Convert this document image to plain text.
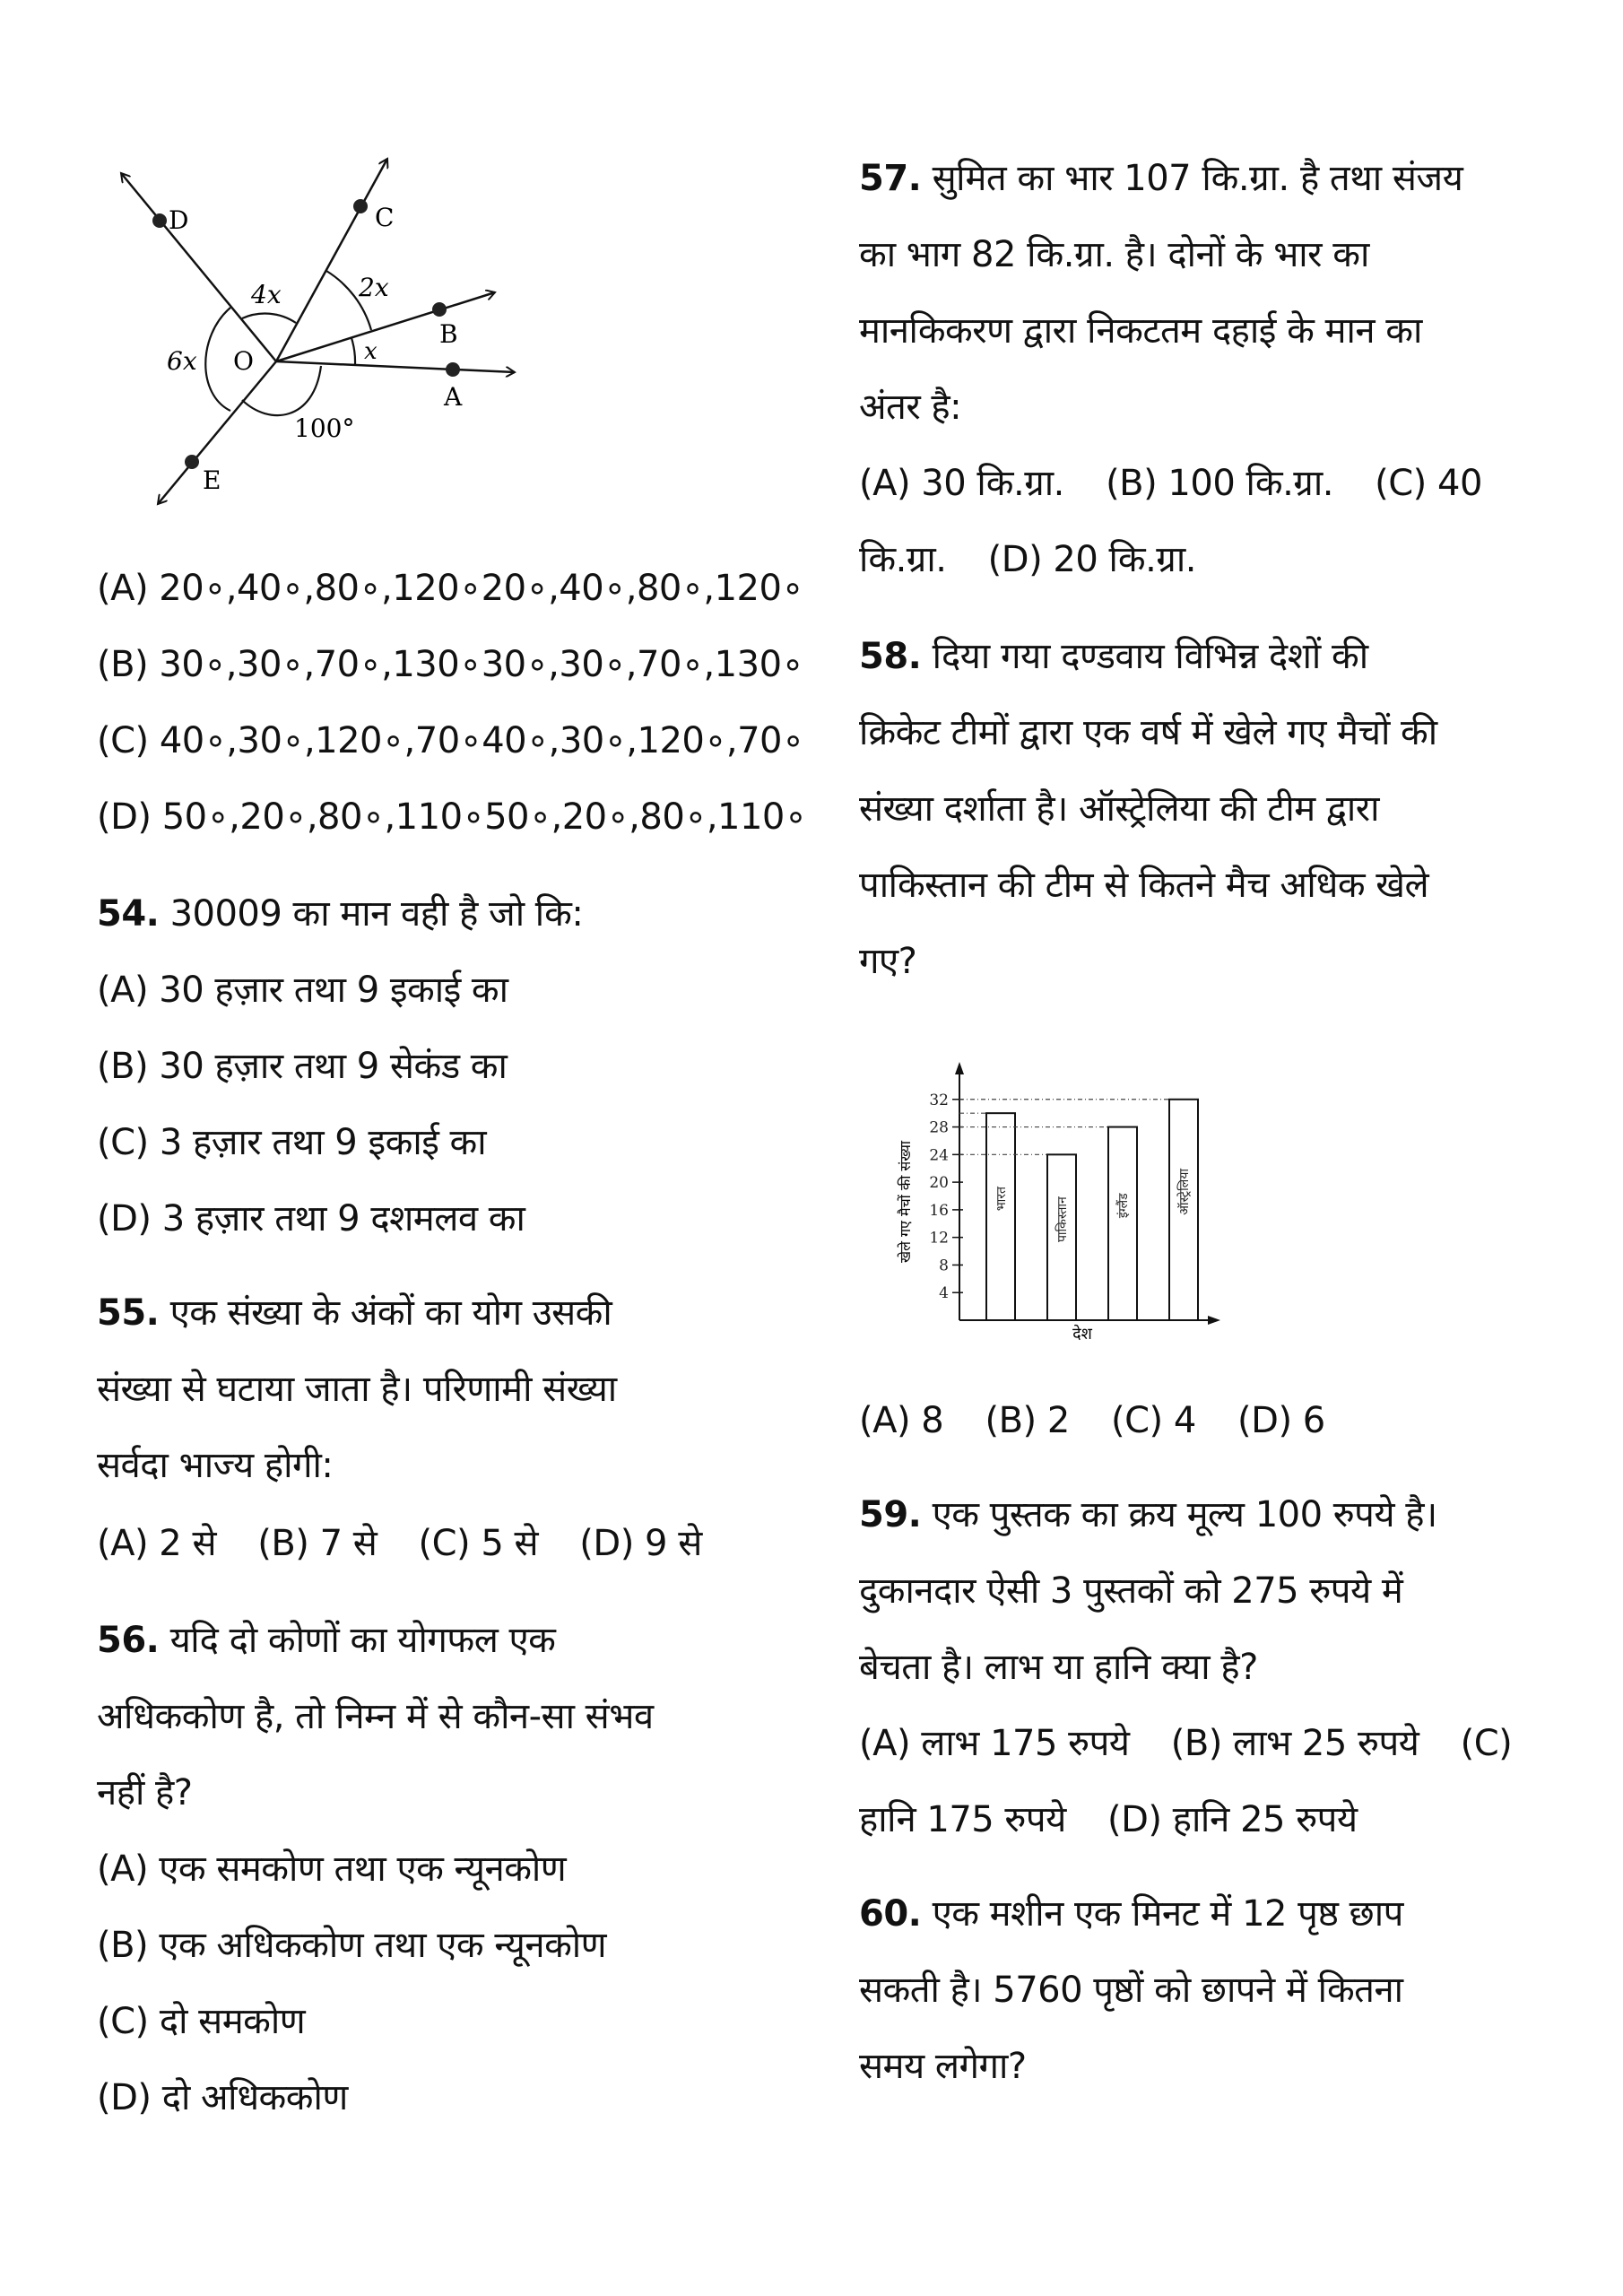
D	C
B
A
E
O
4x	2x
x
6x
100°
(A) 20∘,40∘,80∘,120∘20∘,40∘,80∘,120∘
(B) 30∘,30∘,70∘,130∘30∘,30∘,70∘,130∘
(C) 40∘,30∘,120∘,70∘40∘,30∘,120∘,70∘
(D) 50∘,20∘,80∘,110∘50∘,20∘,80∘,110∘
54. 30009 का मान वही है जो कि:
(A) 30 हज़ार तथा 9 इकाई का
(B) 30 हज़ार तथा 9 सेकंड का
(C) 3 हज़ार तथा 9 इकाई का
(D) 3 हज़ार तथा 9 दशमलव का
55. एक संख्या के अंकों का योग उसकी
संख्या से घटाया जाता है। परिणामी संख्या
सर्वदा भाज्य होगी:
(A) 2 से (B) 7 से (C) 5 से (D) 9 से
56. यदि दो कोणों का योगफल एक
अधिककोण है, तो निम्न में से कौन-सा संभव
नहीं है?
(A) एक समकोण तथा एक न्यूनकोण
(B) एक अधिककोण तथा एक न्यूनकोण
(C) दो समकोण
(D) दो अधिककोण
57. सुमित का भार 107 कि.ग्रा. है तथा संजय
का भाग 82 कि.ग्रा. है। दोनों के भार का
मानकिकरण द्वारा निकटतम दहाई के मान का
अंतर है:
(A) 30 कि.ग्रा. (B) 100 कि.ग्रा. (C) 40
कि.ग्रा. (D) 20 कि.ग्रा.
58. दिया गया दण्डवाय विभिन्न देशों की
क्रिकेट टीमों द्वारा एक वर्ष में खेले गए मैचों की
संख्या दर्शाता है। ऑस्ट्रेलिया की टीम द्वारा
पाकिस्तान की टीम से कितने मैच अधिक खेले
गए?
4
8
12
16
20
24
28
32
भारत	पाकिस्तान	इंग्लैंड	ऑस्ट्रेलिया
देश
खेले गए मैचों की संख्या
(A) 8 (B) 2 (C) 4 (D) 6
59. एक पुस्तक का क्रय मूल्य 100 रुपये है।
दुकानदार ऐसी 3 पुस्तकों को 275 रुपये में
बेचता है। लाभ या हानि क्या है?
(A) लाभ 175 रुपये (B) लाभ 25 रुपये (C)
हानि 175 रुपये (D) हानि 25 रुपये
60. एक मशीन एक मिनट में 12 पृष्ठ छाप
सकती है। 5760 पृष्ठों को छापने में कितना
समय लगेगा?
